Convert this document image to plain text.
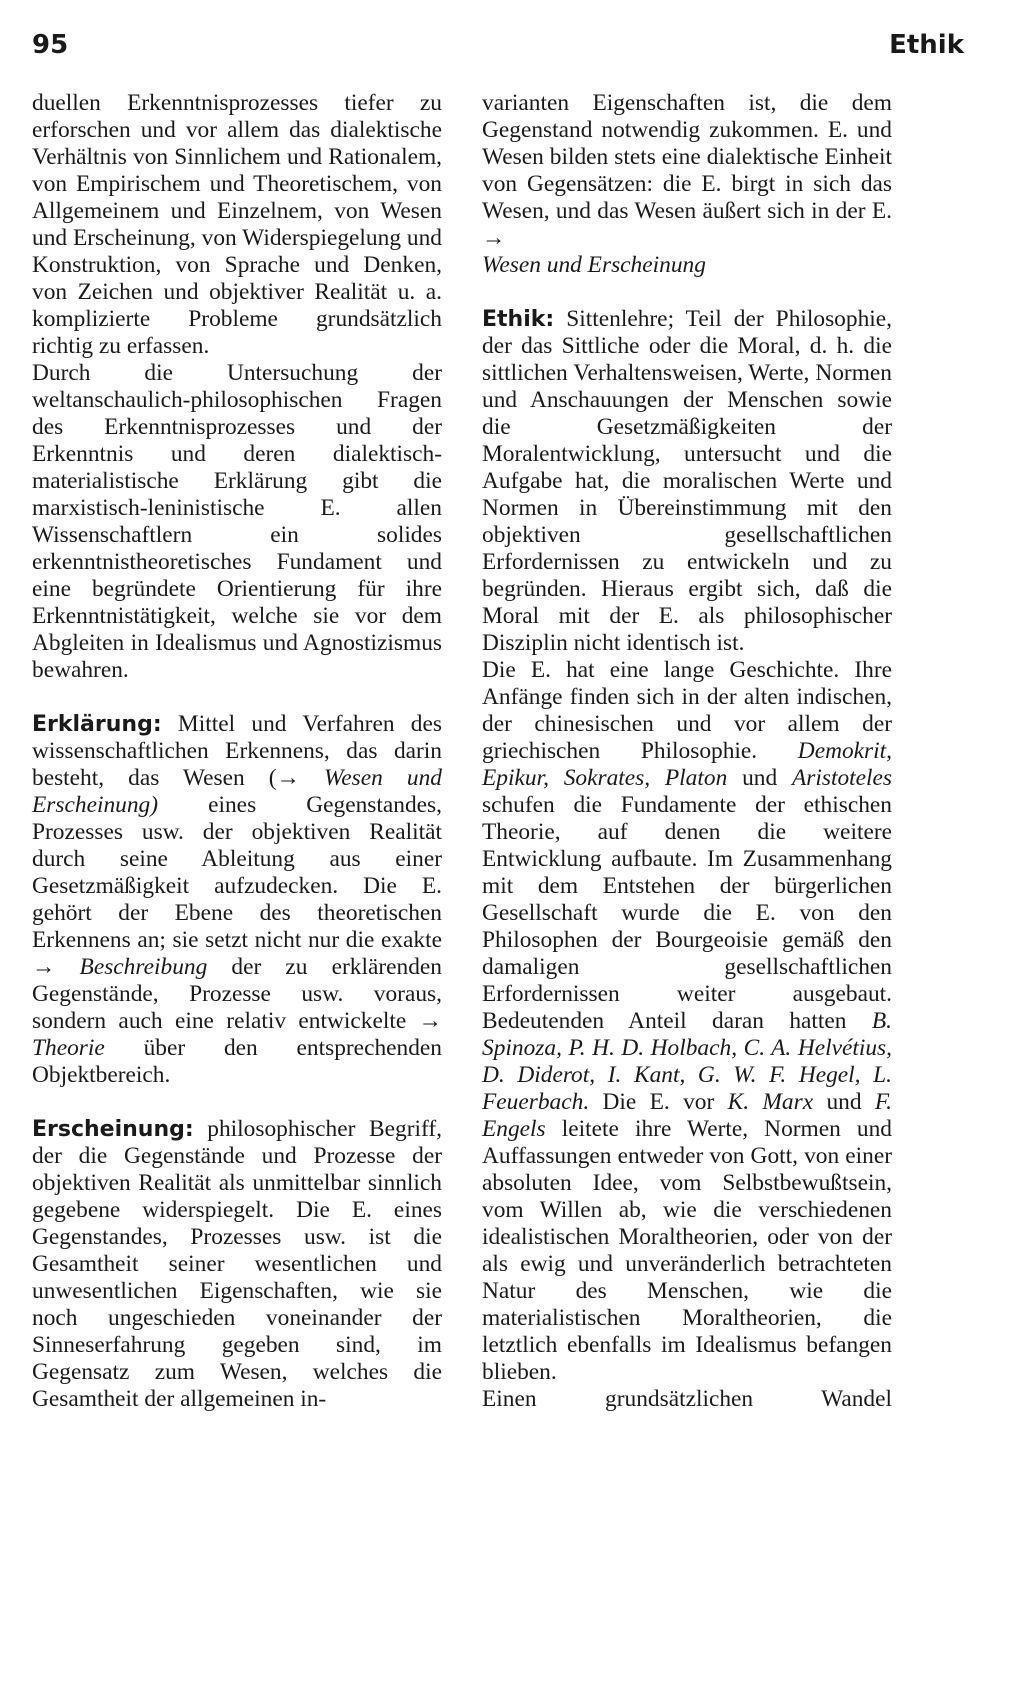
95	Ethik

duellen Erkenntnisprozesses tiefer zu erforschen und vor allem das dialektische Verhältnis von Sinnlichem und Rationalem, von Empirischem und Theoretischem, von Allgemeinem und Einzelnem, von Wesen und Erscheinung, von Widerspiegelung und Konstruktion, von Sprache und Denken, von Zeichen und objektiver Realität u. a. komplizierte Probleme grundsätzlich richtig zu erfassen.

Durch die Untersuchung der weltanschaulich-philosophischen Fragen des Erkenntnisprozesses und der Erkenntnis und deren dialektisch-materialistische Erklärung gibt die marxistisch-leninistische E. allen Wissenschaftlern ein solides erkenntnistheoretisches Fundament und eine begründete Orientierung für ihre Erkenntnistätigkeit, welche sie vor dem Abgleiten in Idealismus und Agnostizismus bewahren.

Erklärung: Mittel und Verfahren des wissenschaftlichen Erkennens, das darin besteht, das Wesen (→ Wesen und Erscheinung) eines Gegenstandes, Prozesses usw. der objektiven Realität durch seine Ableitung aus einer Gesetzmäßigkeit aufzudecken. Die E. gehört der Ebene des theoretischen Erkennens an; sie setzt nicht nur die exakte → Beschreibung der zu erklärenden Gegenstände, Prozesse usw. voraus, sondern auch eine relativ entwickelte → Theorie über den entsprechenden Objektbereich.

Erscheinung: philosophischer Begriff, der die Gegenstände und Prozesse der objektiven Realität als unmittelbar sinnlich gegebene widerspiegelt. Die E. eines Gegenstandes, Prozesses usw. ist die Gesamtheit seiner wesentlichen und unwesentlichen Eigenschaften, wie sie noch ungeschieden voneinander der Sinneserfahrung gegeben sind, im Gegensatz zum Wesen, welches die Gesamtheit der allgemeinen in-

varianten Eigenschaften ist, die dem Gegenstand notwendig zukommen. E. und Wesen bilden stets eine dialektische Einheit von Gegensätzen: die E. birgt in sich das Wesen, und das Wesen äußert sich in der E. →
Wesen und Erscheinung

Ethik: Sittenlehre; Teil der Philosophie, der das Sittliche oder die Moral, d. h. die sittlichen Verhaltensweisen, Werte, Normen und Anschauungen der Menschen sowie die Gesetzmäßigkeiten der Moralentwicklung, untersucht und die Aufgabe hat, die moralischen Werte und Normen in Übereinstimmung mit den objektiven gesellschaftlichen Erfordernissen zu entwickeln und zu begründen. Hieraus ergibt sich, daß die Moral mit der E. als philosophischer Disziplin nicht identisch ist.

Die E. hat eine lange Geschichte. Ihre Anfänge finden sich in der alten indischen, der chinesischen und vor allem der griechischen Philosophie. Demokrit, Epikur, Sokrates, Platon und Aristoteles schufen die Fundamente der ethischen Theorie, auf denen die weitere Entwicklung aufbaute. Im Zusammenhang mit dem Entstehen der bürgerlichen Gesellschaft wurde die E. von den Philosophen der Bourgeoisie gemäß den damaligen gesellschaftlichen Erfordernissen weiter ausgebaut. Bedeutenden Anteil daran hatten B. Spinoza, P. H. D. Holbach, C. A. Helvétius, D. Diderot, I. Kant, G. W. F. Hegel, L. Feuerbach. Die E. vor K. Marx und F. Engels leitete ihre Werte, Normen und Auffassungen entweder von Gott, von einer absoluten Idee, vom Selbstbewußtsein, vom Willen ab, wie die verschiedenen idealistischen Moraltheorien, oder von der als ewig und unveränderlich betrachteten Natur des Menschen, wie die materialistischen Moraltheorien, die letztlich ebenfalls im Idealismus befangen blieben.

Einen grundsätzlichen Wandel
